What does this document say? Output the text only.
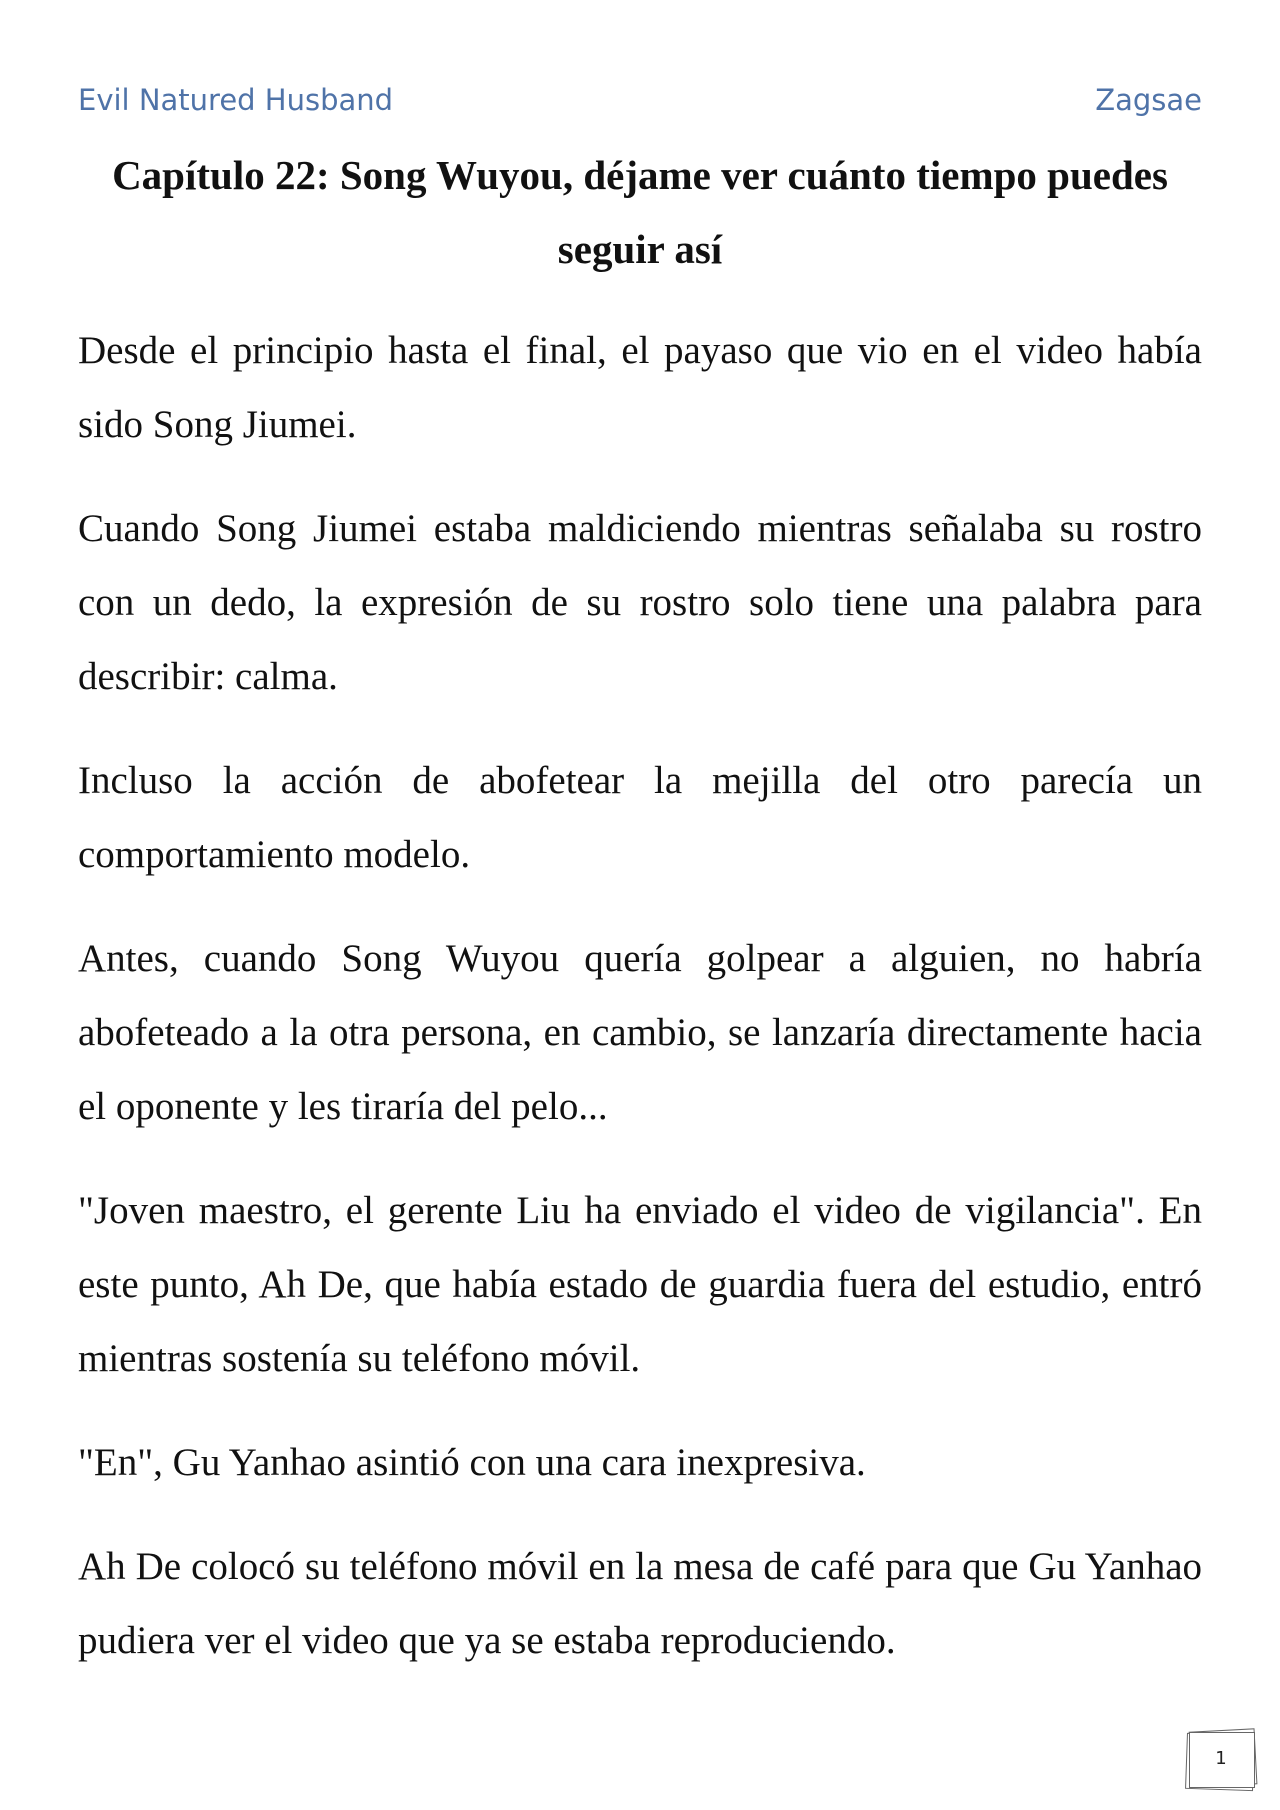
Evil Natured Husband	Zagsae
Capítulo 22: Song Wuyou, déjame ver cuánto tiempo puedes seguir así

Desde el principio hasta el final, el payaso que vio en el video había sido Song Jiumei.

Cuando Song Jiumei estaba maldiciendo mientras señalaba su rostro con un dedo, la expresión de su rostro solo tiene una palabra para describir: calma.

Incluso la acción de abofetear la mejilla del otro parecía un comportamiento modelo.

Antes, cuando Song Wuyou quería golpear a alguien, no habría abofeteado a la otra persona, en cambio, se lanzaría directamente hacia el oponente y les tiraría del pelo...

"Joven maestro, el gerente Liu ha enviado el video de vigilancia". En este punto, Ah De, que había estado de guardia fuera del estudio, entró mientras sostenía su teléfono móvil.

"En", Gu Yanhao asintió con una cara inexpresiva.

Ah De colocó su teléfono móvil en la mesa de café para que Gu Yanhao pudiera ver el video que ya se estaba reproduciendo.

1
